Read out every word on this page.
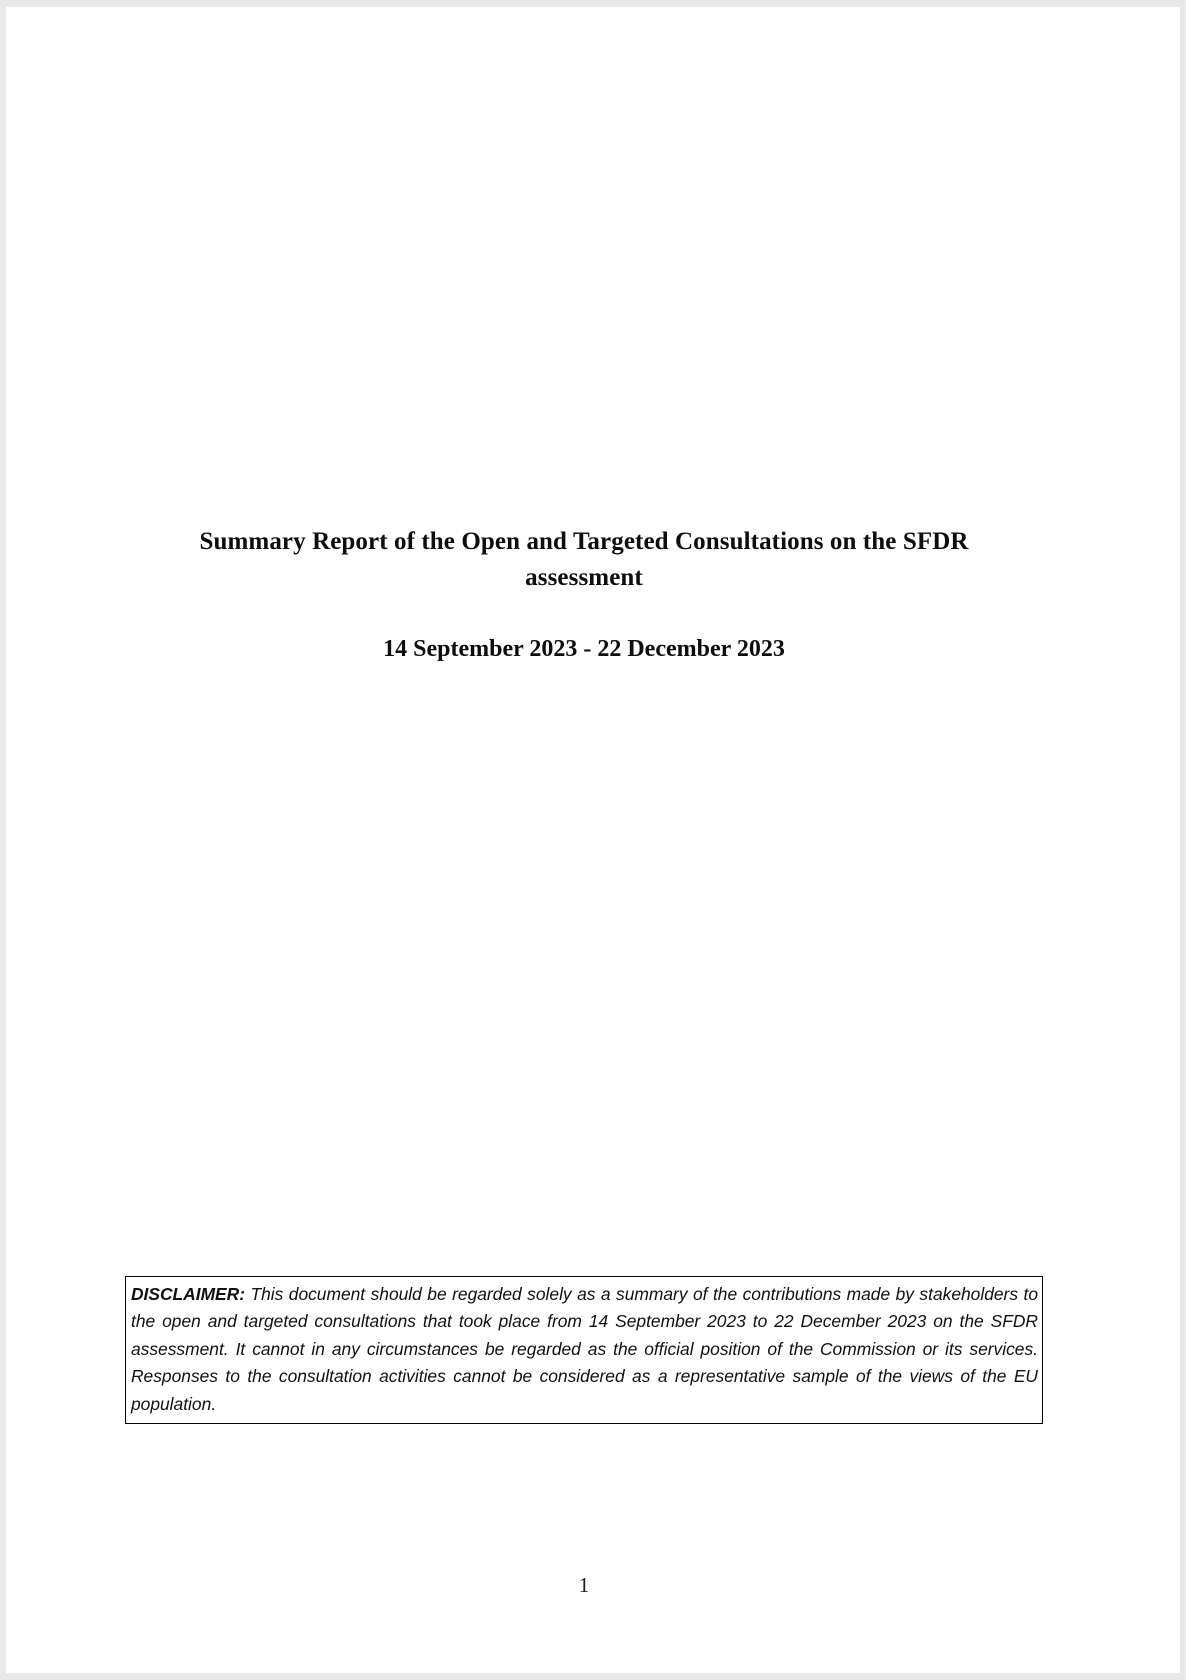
Summary Report of the Open and Targeted Consultations on the SFDR assessment

14 September 2023 - 22 December 2023

DISCLAIMER: This document should be regarded solely as a summary of the contributions made by stakeholders to the open and targeted consultations that took place from 14 September 2023 to 22 December 2023 on the SFDR assessment. It cannot in any circumstances be regarded as the official position of the Commission or its services. Responses to the consultation activities cannot be considered as a representative sample of the views of the EU population.

1
